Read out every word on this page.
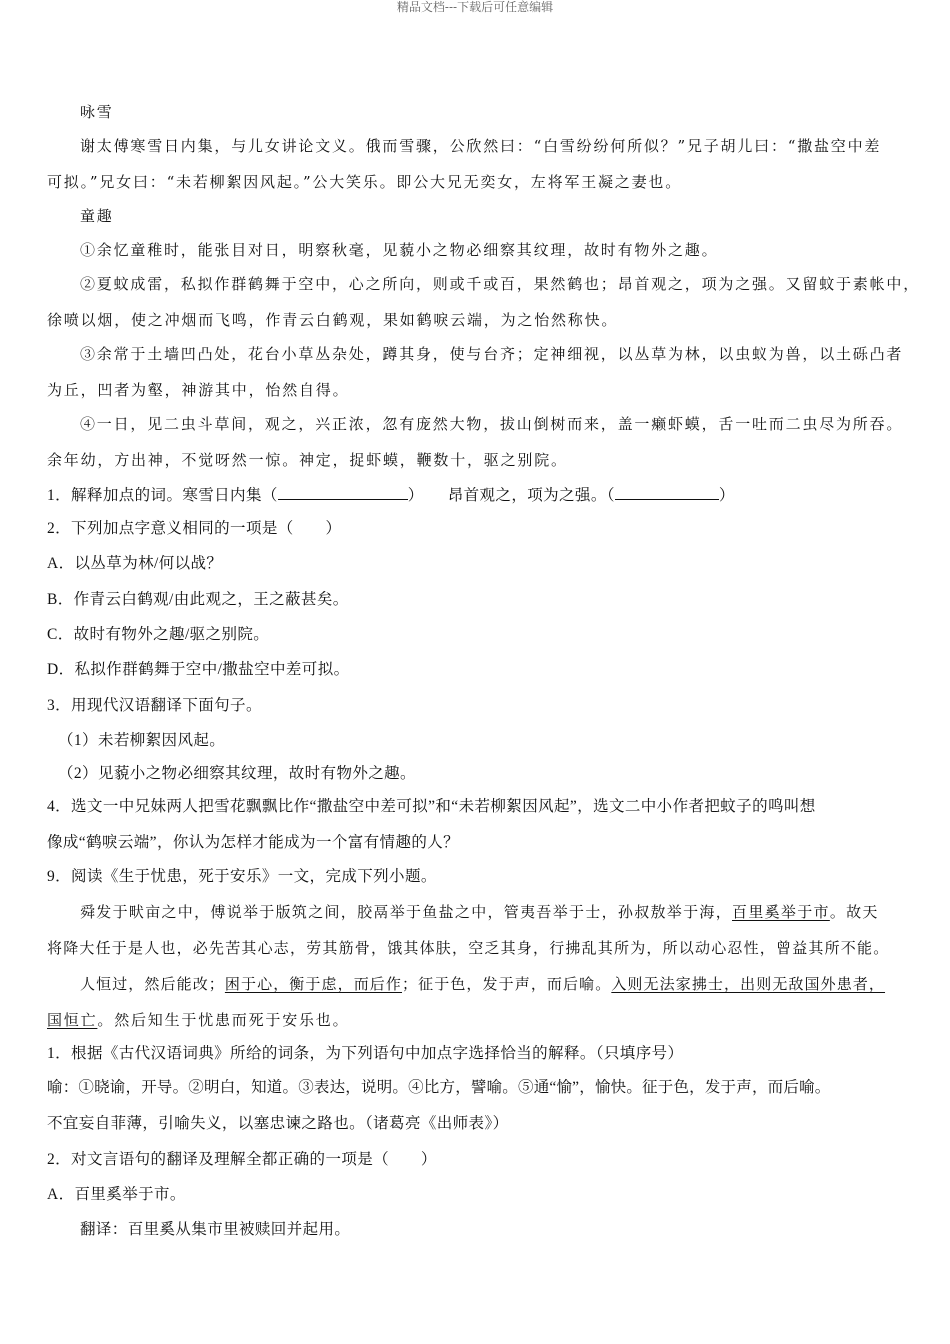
精品文档---下载后可任意编辑
咏雪
谢太傅寒雪日内集，与儿女讲论文义。俄而雪骤，公欣然曰：“白雪纷纷何所似？”兄子胡儿曰：“撒盐空中差
可拟。”兄女曰：“未若柳絮因风起。”公大笑乐。即公大兄无奕女，左将军王凝之妻也。
童趣
①余忆童稚时，能张目对日，明察秋毫，见藐小之物必细察其纹理，故时有物外之趣。
②夏蚊成雷，私拟作群鹤舞于空中，心之所向，则或千或百，果然鹤也；昂首观之，项为之强。又留蚊于素帐中，
徐喷以烟，使之冲烟而飞鸣，作青云白鹤观，果如鹤唳云端，为之怡然称快。
③余常于土墙凹凸处，花台小草丛杂处，蹲其身，使与台齐；定神细视，以丛草为林，以虫蚁为兽，以土砾凸者
为丘，凹者为壑，神游其中，怡然自得。
④一日，见二虫斗草间，观之，兴正浓，忽有庞然大物，拔山倒树而来，盖一癞虾蟆，舌一吐而二虫尽为所吞。
余年幼，方出神，不觉呀然一惊。神定，捉虾蟆，鞭数十，驱之别院。
1．解释加点的词。寒雪日内集（	）　　昂首观之，项为之强。（	）
2．下列加点字意义相同的一项是（　　）
A．以丛草为林/何以战？
B．作青云白鹤观/由此观之，王之蔽甚矣。
C．故时有物外之趣/驱之别院。
D．私拟作群鹤舞于空中/撒盐空中差可拟。
3．用现代汉语翻译下面句子。
（1）未若柳絮因风起。
（2）见藐小之物必细察其纹理，故时有物外之趣。
4．选文一中兄妹两人把雪花飘飘比作“撒盐空中差可拟”和“未若柳絮因风起”，选文二中小作者把蚊子的鸣叫想
像成“鹤唳云端”，你认为怎样才能成为一个富有情趣的人？
9．阅读《生于忧患，死于安乐》一文，完成下列小题。
舜发于畎亩之中，傅说举于版筑之间，胶鬲举于鱼盐之中，管夷吾举于士，孙叔敖举于海，百里奚举于市。故天
将降大任于是人也，必先苦其心志，劳其筋骨，饿其体肤，空乏其身，行拂乱其所为，所以动心忍性，曾益其所不能。
人恒过，然后能改；困于心，衡于虑，而后作；征于色，发于声，而后喻。入则无法家拂士，出则无敌国外患者，
国恒亡。然后知生于忧患而死于安乐也。
1．根据《古代汉语词典》所给的词条，为下列语句中加点字选择恰当的解释。（只填序号）
喻：①晓谕，开导。②明白，知道。③表达，说明。④比方，譬喻。⑤通“愉”，愉快。征于色，发于声，而后喻。
不宜妄自菲薄，引喻失义，以塞忠谏之路也。（诸葛亮《出师表》）
2．对文言语句的翻译及理解全都正确的一项是（　　）
A．百里奚举于市。
翻译：百里奚从集市里被赎回并起用。
